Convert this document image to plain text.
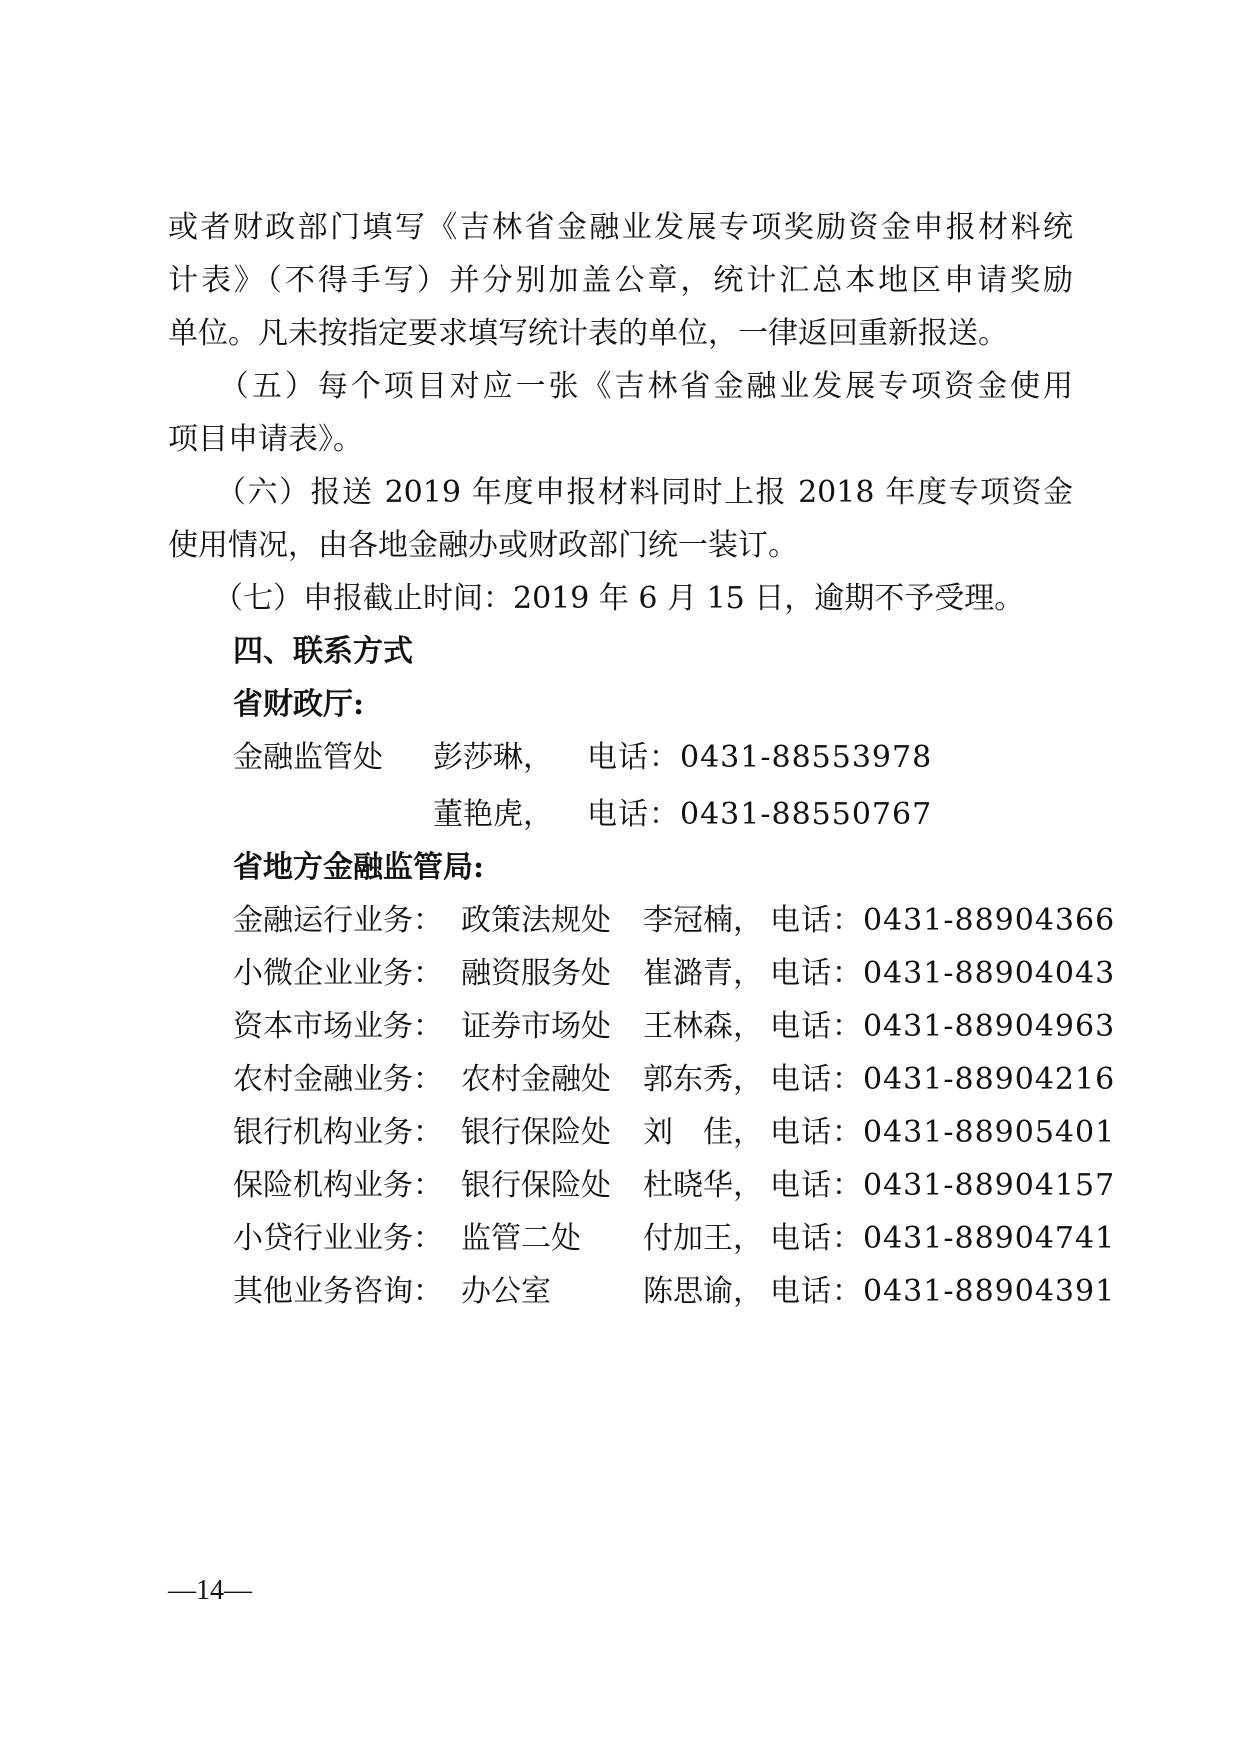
或者财政部门填写《吉林省金融业发展专项奖励资金申报材料统
计表》（不得手写）并分别加盖公章，统计汇总本地区申请奖励
单位。凡未按指定要求填写统计表的单位，一律返回重新报送。
　　（五）每个项目对应一张《吉林省金融业发展专项资金使用
项目申请表》。
　　（六）报送 2019 年度申报材料同时上报 2018 年度专项资金
使用情况，由各地金融办或财政部门统一装订。
　　（七）申报截止时间：2019 年 6 月 15 日，逾期不予受理。
四、联系方式
省财政厅:
金融监管处 彭莎琳， 电话：0431-88553978
董艳虎， 电话：0431-88550767
省地方金融监管局:
金融运行业务： 政策法规处 李冠楠， 电话：0431-88904366
小微企业业务： 融资服务处 崔潞青， 电话：0431-88904043
资本市场业务： 证券市场处 王林森， 电话：0431-88904963
农村金融业务： 农村金融处 郭东秀， 电话：0431-88904216
银行机构业务： 银行保险处 刘　佳， 电话：0431-88905401
保险机构业务： 银行保险处 杜晓华， 电话：0431-88904157
小贷行业业务： 监管二处 付加王， 电话：0431-88904741
其他业务咨询： 办公室	陈思谕， 电话：0431-88904391
—14—
